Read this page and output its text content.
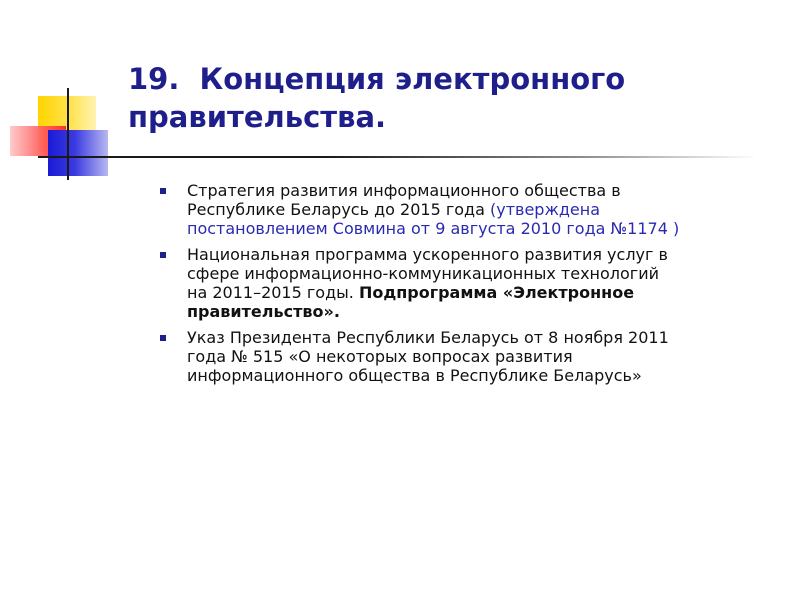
19. Концепция электронного правительства.
Стратегия развития информационного общества в Республике Беларусь до 2015 года (утверждена постановлением Совмина от 9 августа 2010 года №1174 )
Национальная программа ускоренного развития услуг в сфере информационно-коммуникационных технологий на 2011–2015 годы. Подпрограмма «Электронное правительство».
Указ Президента Республики Беларусь от 8 ноября 2011 года № 515 «О некоторых вопросах развития информационного общества в Республике Беларусь»
